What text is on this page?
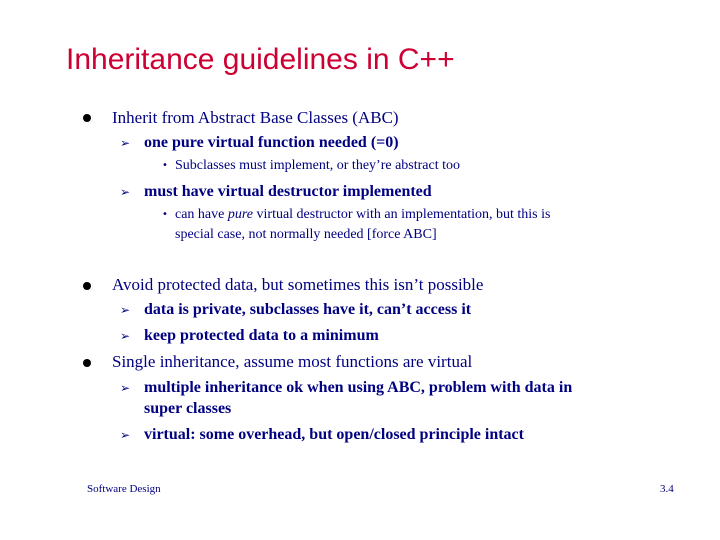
Inheritance guidelines in C++
Inherit from Abstract Base Classes (ABC)
➢ one pure virtual function needed (=0)
• Subclasses must implement, or they’re abstract too
➢ must have virtual destructor implemented
• can have pure virtual destructor with an implementation, but this is
special case, not normally needed [force ABC]
Avoid protected data, but sometimes this isn’t possible
➢ data is private, subclasses have it, can’t access it
➢ keep protected data to a minimum
Single inheritance, assume most functions are virtual
➢ multiple inheritance ok when using ABC, problem with data in
super classes
➢ virtual: some overhead, but open/closed principle intact
Software Design	3.4
